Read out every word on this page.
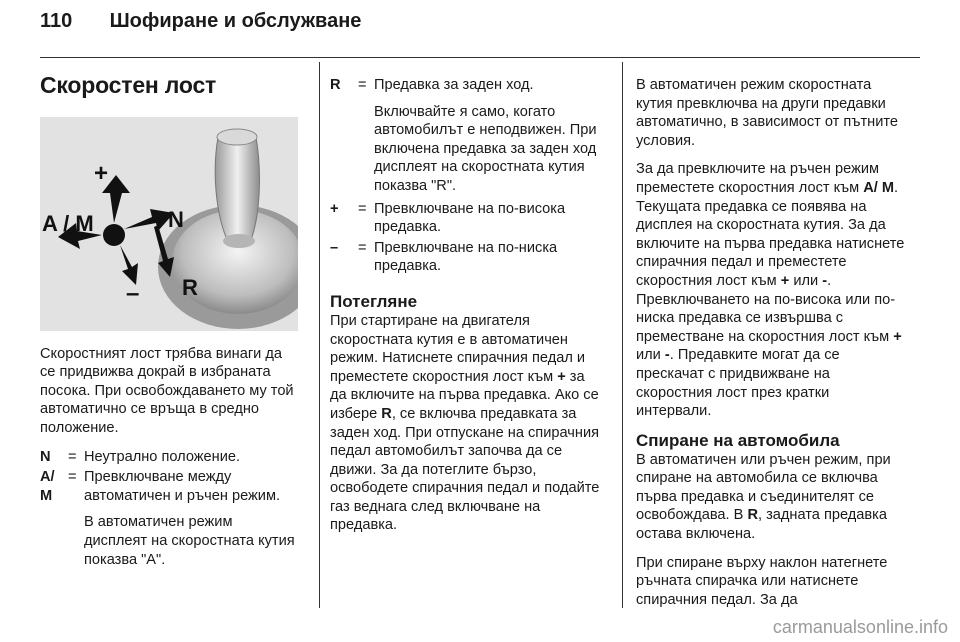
110 Шофиране и обслужване
Скоростен лост
+
A / M	N
– R

Скоростният лост трябва винаги да се придвижва докрай в избраната посока. При освобождаването му той автоматично се връща в средно положение.

N	= Неутрално положение.
A/
M
= Превключване между автоматичен и ръчен режим.
В автоматичен режим дисплеят на скоростната кутия показва "A".
R	= Предавка за заден ход.
Включвайте я само, когато автомобилът е неподвижен. При включена предавка за заден ход дисплеят на скоростната кутия показва "R".
+	= Превключване на по-висока предавка.
–	= Превключване на по-ниска предавка.
Потегляне

При стартиране на двигателя скоростната кутия е в автоматичен режим. Натиснете спирачния педал и преместете скоростния лост към + за да включите на първа предавка. Ако се избере R, се включва предавката за заден ход. При отпускане на спирачния педал автомобилът започва да се движи. За да потеглите бързо, освободете спирачния педал и подайте газ веднага след включване на предавка.

В автоматичен режим скоростната кутия превключва на други предавки автоматично, в зависимост от пътните условия.

За да превключите на ръчен режим преместете скоростния лост към A/ M. Текущата предавка се появява на дисплея на скоростната кутия. За да включите на първа предавка натиснете спирачния педал и преместете скоростния лост към + или -. Превключването на по-висока или по-ниска предавка се извършва с преместване на скоростния лост към + или -. Предавките могат да се прескачат с придвижване на скоростния лост през кратки интервали.

Спиране на автомобила

В автоматичен или ръчен режим, при спиране на автомобила се включва първа предавка и съединителят се освобождава. В R, задната предавка остава включена.

При спиране върху наклон натегнете ръчната спирачка или натиснете спирачния педал. За да

carmanualsonline.info
